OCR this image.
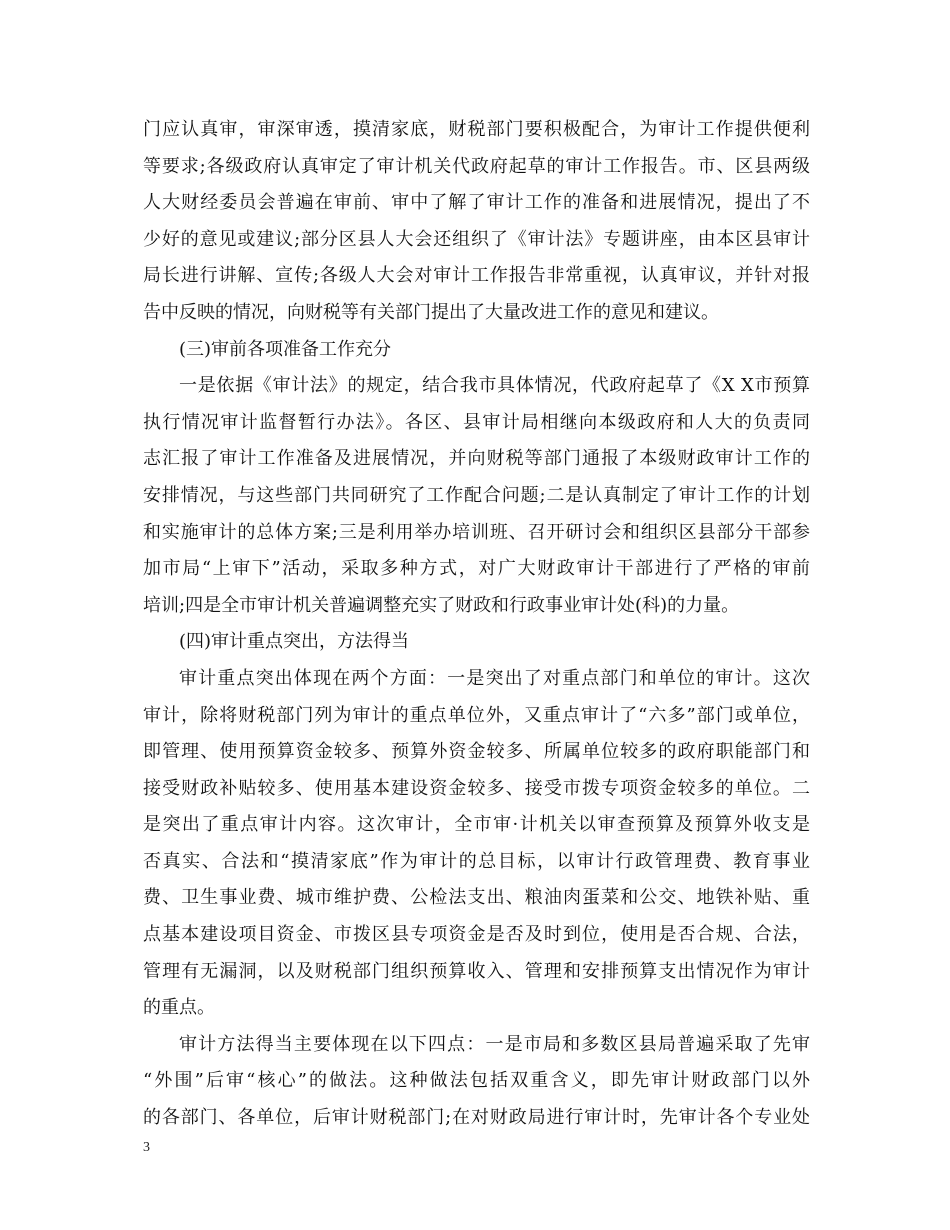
门应认真审，审深审透，摸清家底，财税部门要积极配合，为审计工作提供便利
等要求;各级政府认真审定了审计机关代政府起草的审计工作报告。市、区县两级
人大财经委员会普遍在审前、审中了解了审计工作的准备和进展情况，提出了不
少好的意见或建议;部分区县人大会还组织了《审计法》专题讲座，由本区县审计
局长进行讲解、宣传;各级人大会对审计工作报告非常重视，认真审议，并针对报
告中反映的情况，向财税等有关部门提出了大量改进工作的意见和建议。
(三)审前各项准备工作充分
一是依据《审计法》的规定，结合我市具体情况，代政府起草了《X X市预算
执行情况审计监督暂行办法》。各区、县审计局相继向本级政府和人大的负责同
志汇报了审计工作准备及进展情况，并向财税等部门通报了本级财政审计工作的
安排情况，与这些部门共同研究了工作配合问题;二是认真制定了审计工作的计划
和实施审计的总体方案;三是利用举办培训班、召开研讨会和组织区县部分干部参
加市局“上审下”活动，采取多种方式，对广大财政审计干部进行了严格的审前
培训;四是全市审计机关普遍调整充实了财政和行政事业审计处(科)的力量。
(四)审计重点突出，方法得当
审计重点突出体现在两个方面：一是突出了对重点部门和单位的审计。这次
审计，除将财税部门列为审计的重点单位外，又重点审计了“六多”部门或单位，
即管理、使用预算资金较多、预算外资金较多、所属单位较多的政府职能部门和
接受财政补贴较多、使用基本建设资金较多、接受市拨专项资金较多的单位。二
是突出了重点审计内容。这次审计，全市审·计机关以审查预算及预算外收支是
否真实、合法和“摸清家底”作为审计的总目标，以审计行政管理费、教育事业
费、卫生事业费、城市维护费、公检法支出、粮油肉蛋菜和公交、地铁补贴、重
点基本建设项目资金、市拨区县专项资金是否及时到位，使用是否合规、合法，
管理有无漏洞，以及财税部门组织预算收入、管理和安排预算支出情况作为审计
的重点。
审计方法得当主要体现在以下四点：一是市局和多数区县局普遍采取了先审
“外围”后审“核心”的做法。这种做法包括双重含义，即先审计财政部门以外
的各部门、各单位，后审计财税部门;在对财政局进行审计时，先审计各个专业处
3
